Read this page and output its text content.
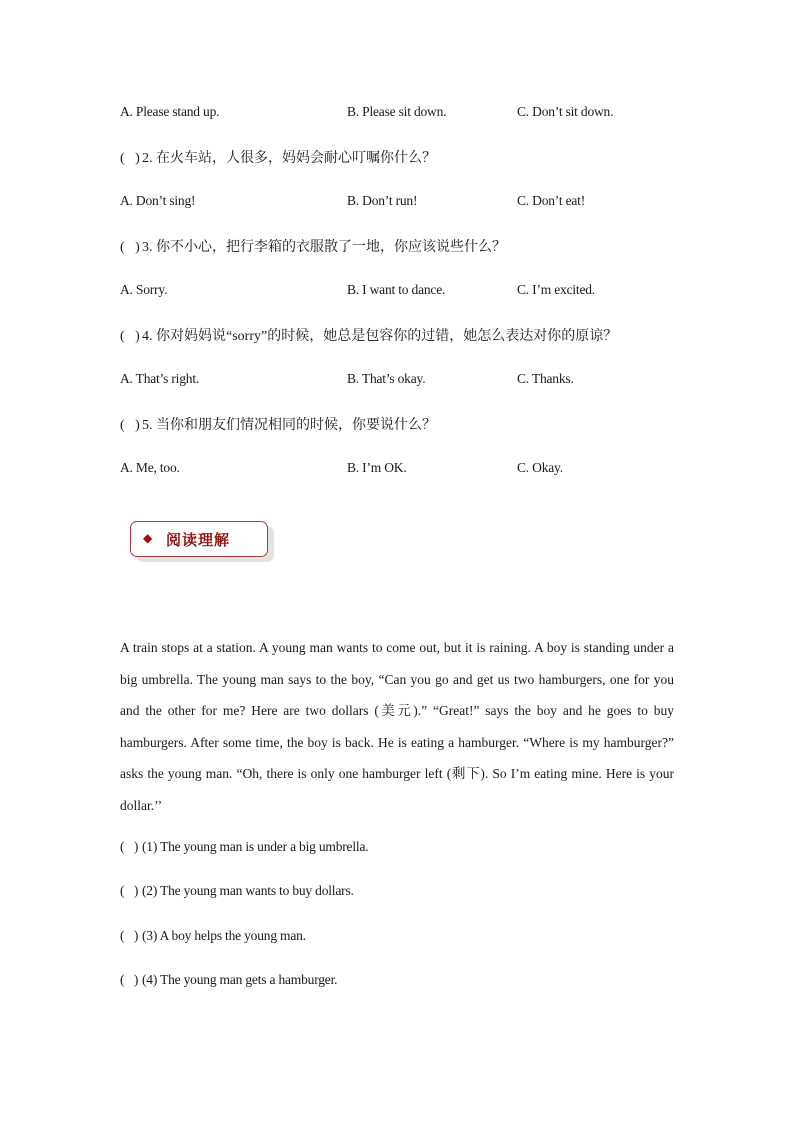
A. Please stand up.	B. Please sit down.	C. Don’t sit down.
(   ) 2. 在火车站，人很多，妈妈会耐心叮嘱你什么？
A. Don’t sing!	B. Don’t run!	C. Don’t eat!
(   ) 3. 你不小心，把行李箱的衣服散了一地，你应该说些什么？
A. Sorry.	B. I want to dance.	C. I’m excited.
(   ) 4. 你对妈妈说“sorry”的时候，她总是包容你的过错，她怎么表达对你的原谅？
A. That’s right.	B. That’s okay.	C. Thanks.
(   ) 5. 当你和朋友们情况相同的时候，你要说什么？
A. Me, too.	B. I’m OK.	C. Okay.
◆ 阅读理解
A train stops at a station. A young man wants to come out, but it is raining. A boy is standing under a big umbrella. The young man says to the boy, “Can you go and get us two hamburgers, one for you and the other for me? Here are two dollars (美元).” “Great!” says the boy and he goes to buy hamburgers. After some time, the boy is back. He is eating a hamburger. “Where is my hamburger?” asks the young man. “Oh, there is only one hamburger left (剩下). So I’m eating mine. Here is your dollar.’’
(   ) (1) The young man is under a big umbrella.
(   ) (2) The young man wants to buy dollars.
(   ) (3) A boy helps the young man.
(   ) (4) The young man gets a hamburger.
